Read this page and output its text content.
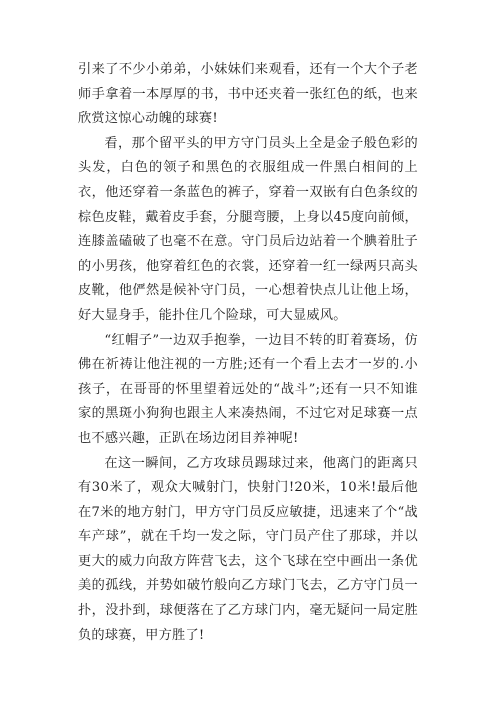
引来了不少小弟弟，小妹妹们来观看，还有一个大个子老师手拿着一本厚厚的书，书中还夹着一张红色的纸，也来欣赏这惊心动魄的球赛!

看，那个留平头的甲方守门员头上全是金子般色彩的头发，白色的领子和黑色的衣服组成一件黑白相间的上衣，他还穿着一条蓝色的裤子，穿着一双嵌有白色条纹的棕色皮鞋，戴着皮手套，分腿弯腰，上身以45度向前倾，连膝盖磕破了也毫不在意。守门员后边站着一个腆着肚子的小男孩，他穿着红色的衣裳，还穿着一红一绿两只高头皮靴，他俨然是候补守门员，一心想着快点儿让他上场，好大显身手，能扑住几个险球，可大显威风。

“红帽子”一边双手抱拳，一边目不转的盯着赛场，仿佛在祈祷让他注视的一方胜;还有一个看上去才一岁的.小孩子，在哥哥的怀里望着远处的“战斗”;还有一只不知谁家的黑斑小狗狗也跟主人来凑热闹，不过它对足球赛一点也不感兴趣，正趴在场边闭目养神呢!

在这一瞬间，乙方攻球员踢球过来，他离门的距离只有30米了，观众大喊射门，快射门!20米，10米!最后他在7米的地方射门，甲方守门员反应敏捷，迅速来了个“战车产球”，就在千均一发之际，守门员产住了那球，并以更大的威力向敌方阵营飞去，这个飞球在空中画出一条优美的孤线，并势如破竹般向乙方球门飞去，乙方守门员一扑，没扑到，球便落在了乙方球门内，毫无疑问一局定胜负的球赛，甲方胜了!
